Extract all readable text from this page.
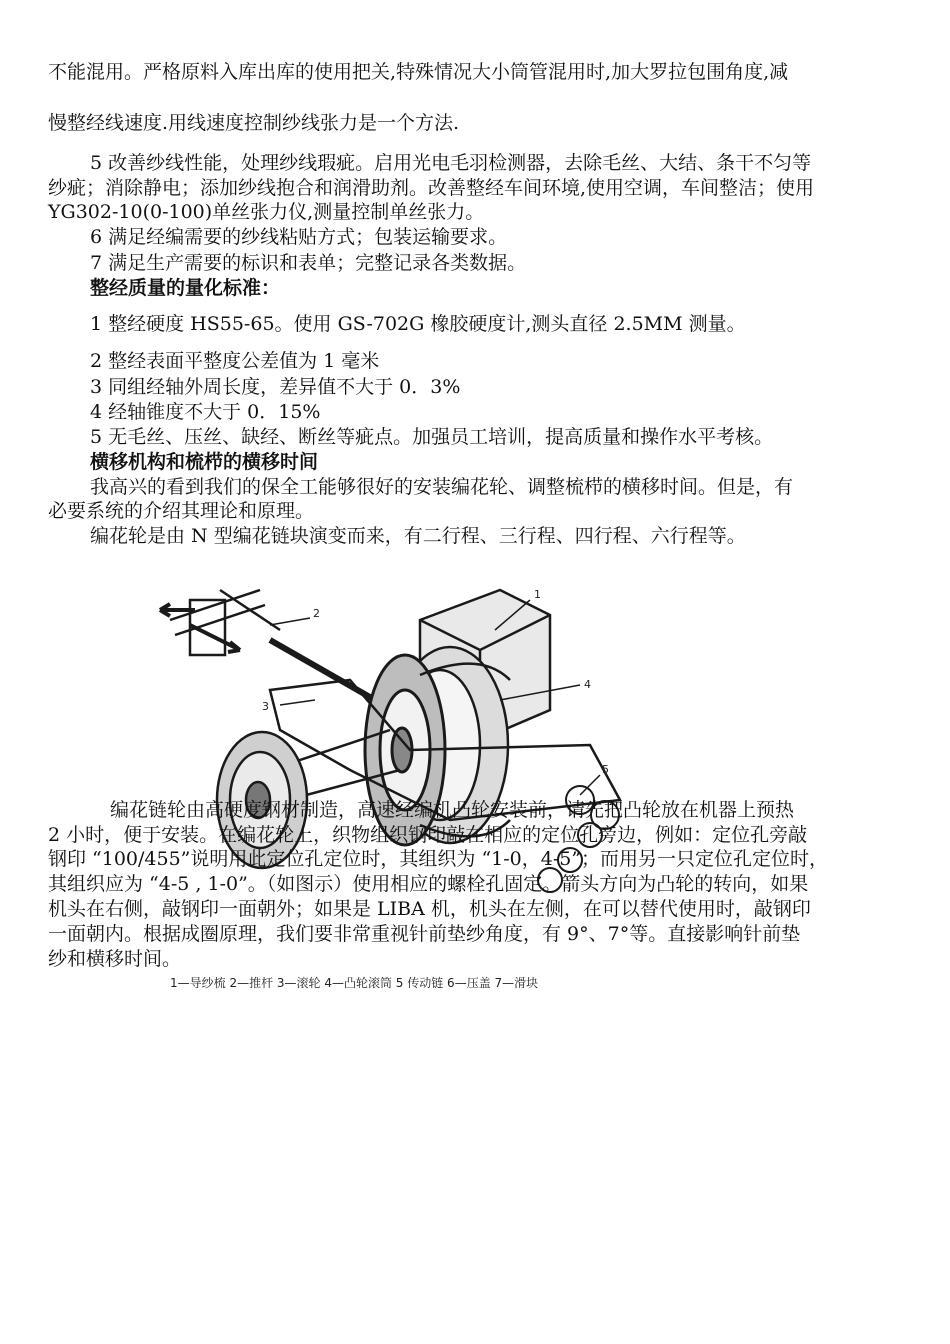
不能混用。严格原料入库出库的使用把关,特殊情况大小筒管混用时,加大罗拉包围角度,减
慢整经线速度.用线速度控制纱线张力是一个方法.
5 改善纱线性能，处理纱线瑕疵。启用光电毛羽检测器，去除毛丝、大结、条干不匀等
纱疵；消除静电；添加纱线抱合和润滑助剂。改善整经车间环境,使用空调，车间整洁；使用
YG302-10(0-100)单丝张力仪,测量控制单丝张力。
6 满足经编需要的纱线粘贴方式；包装运输要求。
7 满足生产需要的标识和表单；完整记录各类数据。
整经质量的量化标准：
1 整经硬度 HS55-65。使用 GS-702G 橡胶硬度计,测头直径 2.5MM 测量。
2 整经表面平整度公差值为 1 毫米
3 同组经轴外周长度，差异值不大于 0．3%
4 经轴锥度不大于 0．15%
5 无毛丝、压丝、缺经、断丝等疵点。加强员工培训，提高质量和操作水平考核。
横移机构和梳栉的横移时间
我高兴的看到我们的保全工能够很好的安装编花轮、调整梳栉的横移时间。但是，有
必要系统的介绍其理论和原理。
编花轮是由 N 型编花链块演变而来，有二行程、三行程、四行程、六行程等。
1
2
3
4
5
编花链轮由高硬度钢材制造，高速经编机凸轮安装前，请先把凸轮放在机器上预热
2 小时，便于安装。在编花轮上，织物组织钢印敲在相应的定位孔旁边，例如：定位孔旁敲
钢印 “100/455”说明用此定位孔定位时，其组织为 “1-0，4-5”；而用另一只定位孔定位时，
其组织应为 “4-5 , 1-0”。（如图示）使用相应的螺栓孔固定。箭头方向为凸轮的转向，如果
机头在右侧，敲钢印一面朝外；如果是 LIBA 机，机头在左侧，在可以替代使用时，敲钢印
一面朝内。根据成圈原理，我们要非常重视针前垫纱角度，有 9°、7°等。直接影响针前垫
纱和横移时间。
1—导纱梳 2—推杆 3—滚轮 4—凸轮滚筒 5 传动链 6—压盖 7—滑块
